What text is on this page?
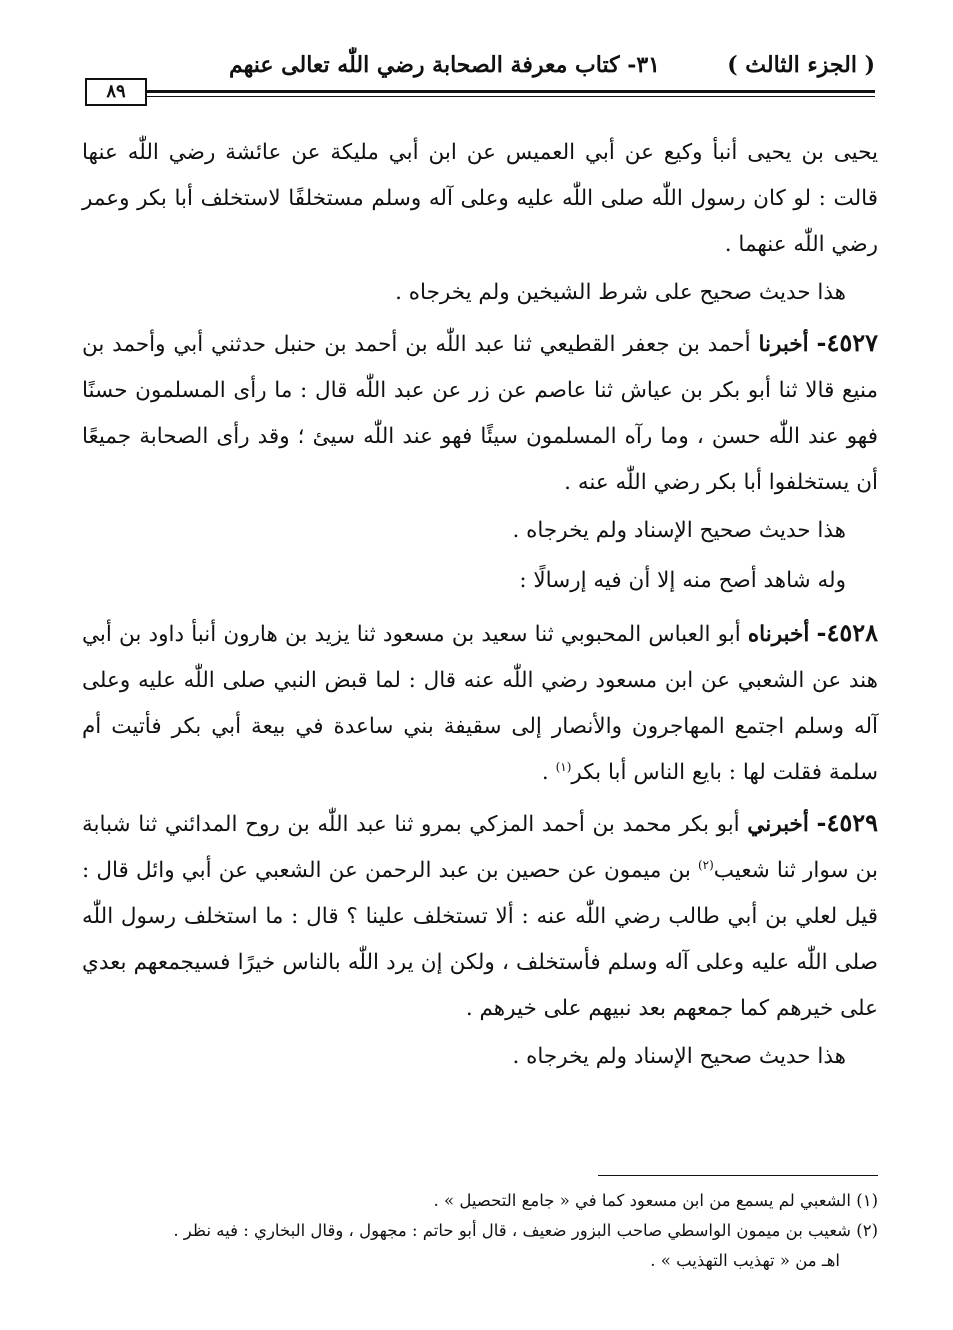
( الجزء الثالث )
٣١- كتاب معرفة الصحابة رضي اللّٰه تعالى عنهم
٨٩

يحيى بن يحيى أنبأ وكيع عن أبي العميس عن ابن أبي مليكة عن عائشة رضي اللّٰه عنها قالت : لو كان رسول اللّٰه صلى اللّٰه عليه وعلى آله وسلم مستخلفًا لاستخلف أبا بكر وعمر رضي اللّٰه عنهما .

هذا حديث صحيح على شرط الشيخين ولم يخرجاه .

٤٥٢٧- أخبرنا أحمد بن جعفر القطيعي ثنا عبد اللّٰه بن أحمد بن حنبل حدثني أبي وأحمد بن منيع قالا ثنا أبو بكر بن عياش ثنا عاصم عن زر عن عبد اللّٰه قال : ما رأى المسلمون حسنًا فهو عند اللّٰه حسن ، وما رآه المسلمون سيئًا فهو عند اللّٰه سيئ ؛ وقد رأى الصحابة جميعًا أن يستخلفوا أبا بكر رضي اللّٰه عنه .

هذا حديث صحيح الإسناد ولم يخرجاه .

وله شاهد أصح منه إلا أن فيه إرسالًا :

٤٥٢٨- أخبرناه أبو العباس المحبوبي ثنا سعيد بن مسعود ثنا يزيد بن هارون أنبأ داود بن أبي هند عن الشعبي عن ابن مسعود رضي اللّٰه عنه قال : لما قبض النبي صلى اللّٰه عليه وعلى آله وسلم اجتمع المهاجرون والأنصار إلى سقيفة بني ساعدة في بيعة أبي بكر فأتيت أم سلمة فقلت لها : بايع الناس أبا بكر$^{(١)}$ .

٤٥٢٩- أخبرني أبو بكر محمد بن أحمد المزكي بمرو ثنا عبد اللّٰه بن روح المدائني ثنا شبابة بن سوار ثنا شعيب$^{(٢)}$ بن ميمون عن حصين بن عبد الرحمن عن الشعبي عن أبي وائل قال : قيل لعلي بن أبي طالب رضي اللّٰه عنه : ألا تستخلف علينا ؟ قال : ما استخلف رسول اللّٰه صلى اللّٰه عليه وعلى آله وسلم فأستخلف ، ولكن إن يرد اللّٰه بالناس خيرًا فسيجمعهم بعدي على خيرهم كما جمعهم بعد نبيهم على خيرهم .

هذا حديث صحيح الإسناد ولم يخرجاه .

(١) الشعبي لم يسمع من ابن مسعود كما في « جامع التحصيل » .

(٢) شعيب بن ميمون الواسطي صاحب البزور ضعيف ، قال أبو حاتم : مجهول ، وقال البخاري : فيه نظر .

اهـ من « تهذيب التهذيب » .
